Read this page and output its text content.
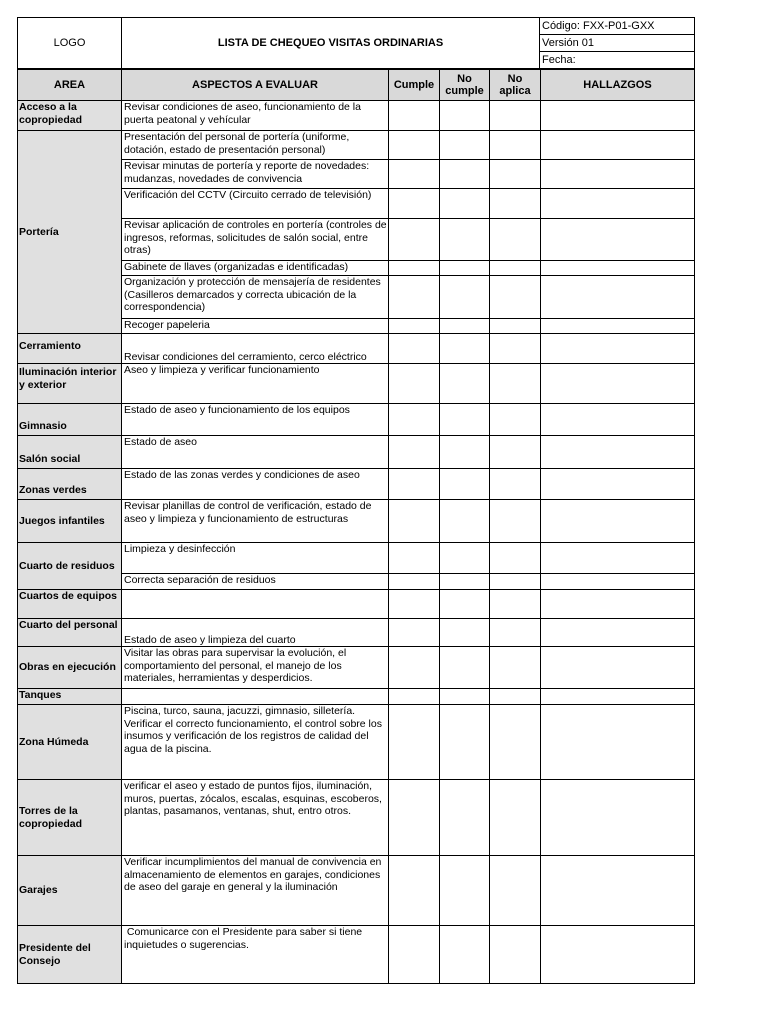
LOGO	LISTA DE CHEQUEO VISITAS ORDINARIAS	Código: FXX-P01-GXX
Versión 01
Fecha:
AREA	ASPECTOS A EVALUAR	Cumple	No cumple	No aplica	HALLAZGOS
Acceso a la copropiedad	Revisar condiciones de aseo, funcionamiento de la puerta peatonal y vehícular				
Portería	Presentación del personal de portería (uniforme, dotación, estado de presentación personal)				
	Revisar minutas de portería y reporte de novedades: mudanzas, novedades de convivencia				
	Verificación del CCTV (Circuito cerrado de televisión)				
	Revisar aplicación de controles en portería (controles de ingresos, reformas, solicitudes de salón social, entre otras)				
	Gabinete de llaves (organizadas e identificadas)				
	Organización y protección de mensajería de residentes (Casilleros demarcados y correcta ubicación de la correspondencia)				
	Recoger papeleria				
Cerramiento	Revisar condiciones del cerramiento, cerco eléctrico				
Iluminación interior y exterior	Aseo y limpieza y verificar funcionamiento				
Gimnasio	Estado de aseo y funcionamiento de los equipos				
Salón social	Estado de aseo				
Zonas verdes	Estado de las zonas verdes y condiciones de aseo				
Juegos infantiles	Revisar planillas de control de verificación, estado de aseo y limpieza y funcionamiento de estructuras				
Cuarto de residuos	Limpieza y desinfección				
	Correcta separación de residuos				
Cuartos de equipos					
Cuarto del personal	Estado de aseo y limpieza del cuarto				
Obras en ejecución	Visitar las obras para supervisar la evolución, el comportamiento del personal, el manejo de los materiales, herramientas y desperdicios.				
Tanques					
Zona Húmeda	Piscina, turco, sauna, jacuzzi, gimnasio, silletería. Verificar el correcto funcionamiento, el control sobre los insumos y verificación de los registros de calidad del agua de la piscina.				
Torres de la copropiedad	verificar el aseo y estado de puntos fijos, iluminación, muros, puertas, zócalos, escalas, esquinas, escoberos, plantas, pasamanos, ventanas, shut, entro otros.				
Garajes	Verificar incumplimientos del manual de convivencia en almacenamiento de elementos en garajes, condiciones de aseo del garaje en general y la iluminación				
Presidente del Consejo	Comunicarce con el Presidente para saber si tiene inquietudes o sugerencias.				
